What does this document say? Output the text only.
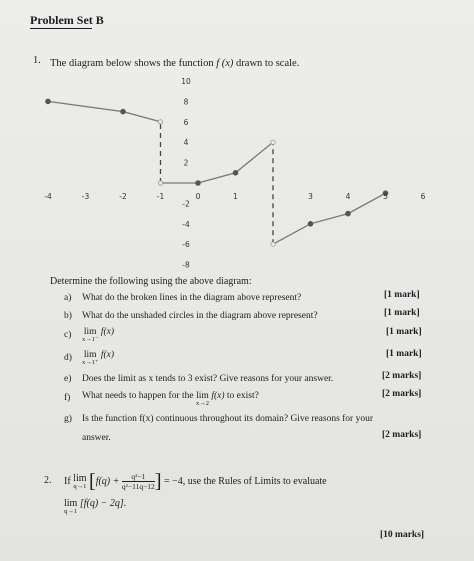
Problem Set B
1. The diagram below shows the function f (x) drawn to scale.
-4	-3	-2	-1	0	1	3	4	5	6
10
8
6
4
2
-2
-4
-6
-8
Determine the following using the above diagram:
a) What do the broken lines in the diagram above represent?	[1 mark]
b) What do the unshaded circles in the diagram above represent?	[1 mark]
c) lim
x→1⁻
f(x)	[1 mark]
d) lim
x→1⁺
f(x)	[1 mark]
e) Does the limit as x tends to 3 exist? Give reasons for your answer.	[2 marks]
f) What needs to happen for the lim
x→2
f(x) to exist?	[2 marks]
g) Is the function f(x) continuous throughout its domain? Give reasons for your
answer.	[2 marks]
2. If lim
q→1 [$f(q) + \frac{\text{q²−1}}{\text{q²−11q−12}}$ ] = −4, use the Rules of Limits to evaluate
lim
q→1
[f(q) − 2q].
[10 marks]
